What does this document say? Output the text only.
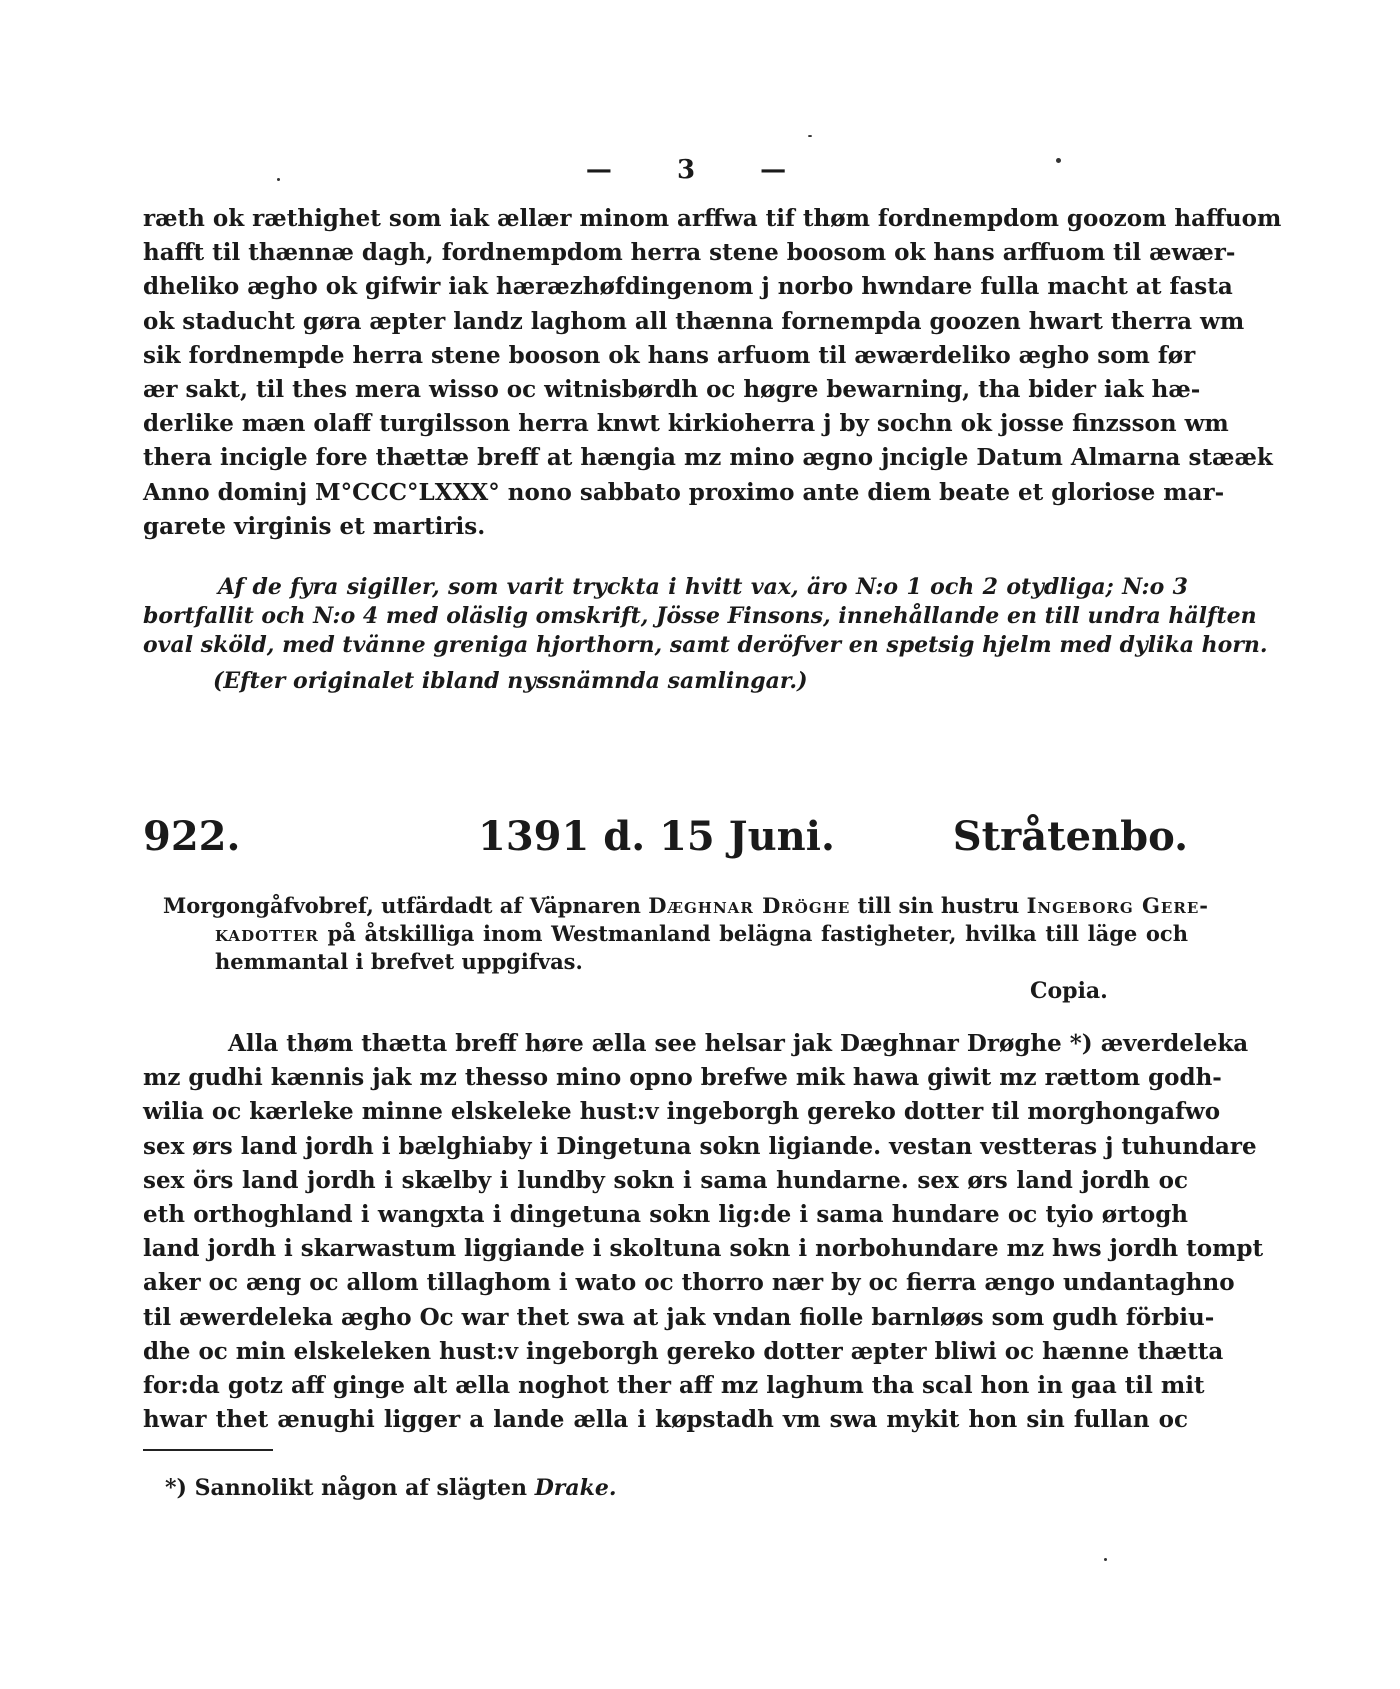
— 3 —
ræth ok ræthighet som iak ællær minom arffwa tif thøm fordnempdom goozom haffuom
hafft til thænnæ dagh, fordnempdom herra stene boosom ok hans arffuom til æwær-
dheliko ægho ok gifwir iak hæræzhøfdingenom j norbo hwndare fulla macht at fasta
ok staducht gøra æpter landz laghom all thænna fornempda goozen hwart therra wm
sik fordnempde herra stene booson ok hans arfuom til æwærdeliko ægho som før
ær sakt, til thes mera wisso oc witnisbørdh oc høgre bewarning, tha bider iak hæ-
derlike mæn olaff turgilsson herra knwt kirkioherra j by sochn ok josse finzsson wm
thera incigle fore thættæ breff at hængia mz mino ægno jncigle Datum Almarna stææk
Anno dominj M°CCC°LXXX° nono sabbato proximo ante diem beate et gloriose mar-
garete virginis et martiris.
Af de fyra sigiller, som varit tryckta i hvitt vax, äro N:o 1 och 2 otydliga; N:o 3
bortfallit och N:o 4 med oläslig omskrift, Jösse Finsons, innehållande en till undra hälften
oval sköld, med tvänne greniga hjorthorn, samt deröfver en spetsig hjelm med dylika horn.
(Efter originalet ibland nyssnämnda samlingar.)
922.	1391 d. 15 Juni.	Stråtenbo.
Morgongåfvobref, utfärdadt af Väpnaren Dæghnar Dröghe till sin hustru Ingeborg Gere-
kadotter på åtskilliga inom Westmanland belägna fastigheter, hvilka till läge och
hemmantal i brefvet uppgifvas.
Copia.
Alla thøm thætta breff høre ælla see helsar jak Dæghnar Drøghe *) æverdeleka
mz gudhi kænnis jak mz thesso mino opno brefwe mik hawa giwit mz rættom godh-
wilia oc kærleke minne elskeleke hust:v ingeborgh gereko dotter til morghongafwo
sex ørs land jordh i bælghiaby i Dingetuna sokn ligiande. vestan vestteras j tuhundare
sex örs land jordh i skælby i lundby sokn i sama hundarne. sex ørs land jordh oc
eth orthoghland i wangxta i dingetuna sokn lig:de i sama hundare oc tyio ørtogh
land jordh i skarwastum liggiande i skoltuna sokn i norbohundare mz hws jordh tompt
aker oc æng oc allom tillaghom i wato oc thorro nær by oc fierra ængo undantaghno
til æwerdeleka ægho Oc war thet swa at jak vndan fiolle barnløøs som gudh förbiu-
dhe oc min elskeleken hust:v ingeborgh gereko dotter æpter bliwi oc hænne thætta
for:da gotz aff ginge alt ælla noghot ther aff mz laghum tha scal hon in gaa til mit
hwar thet ænughi ligger a lande ælla i køpstadh vm swa mykit hon sin fullan oc
*) Sannolikt någon af slägten Drake.
